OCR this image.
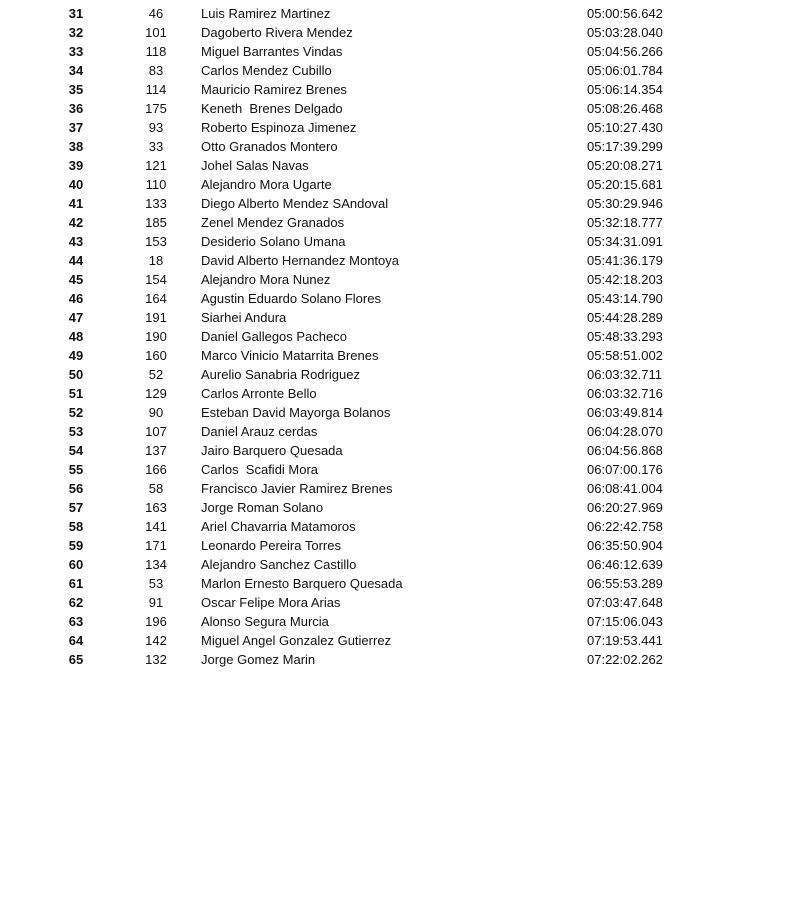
31	46	Luis Ramirez Martinez	05:00:56.642
32	101	Dagoberto Rivera Mendez	05:03:28.040
33	118	Miguel Barrantes Vindas	05:04:56.266
34	83	Carlos Mendez Cubillo	05:06:01.784
35	114	Mauricio Ramirez Brenes	05:06:14.354
36	175	Keneth  Brenes Delgado	05:08:26.468
37	93	Roberto Espinoza Jimenez	05:10:27.430
38	33	Otto Granados Montero	05:17:39.299
39	121	Johel Salas Navas	05:20:08.271
40	110	Alejandro Mora Ugarte	05:20:15.681
41	133	Diego Alberto Mendez SAndoval	05:30:29.946
42	185	Zenel Mendez Granados	05:32:18.777
43	153	Desiderio Solano Umana	05:34:31.091
44	18	David Alberto Hernandez Montoya	05:41:36.179
45	154	Alejandro Mora Nunez	05:42:18.203
46	164	Agustin Eduardo Solano Flores	05:43:14.790
47	191	Siarhei Andura	05:44:28.289
48	190	Daniel Gallegos Pacheco	05:48:33.293
49	160	Marco Vinicio Matarrita Brenes	05:58:51.002
50	52	Aurelio Sanabria Rodriguez	06:03:32.711
51	129	Carlos Arronte Bello	06:03:32.716
52	90	Esteban David Mayorga Bolanos	06:03:49.814
53	107	Daniel Arauz cerdas	06:04:28.070
54	137	Jairo Barquero Quesada	06:04:56.868
55	166	Carlos  Scafidi Mora	06:07:00.176
56	58	Francisco Javier Ramirez Brenes	06:08:41.004
57	163	Jorge Roman Solano	06:20:27.969
58	141	Ariel Chavarria Matamoros	06:22:42.758
59	171	Leonardo Pereira Torres	06:35:50.904
60	134	Alejandro Sanchez Castillo	06:46:12.639
61	53	Marlon Ernesto Barquero Quesada	06:55:53.289
62	91	Oscar Felipe Mora Arias	07:03:47.648
63	196	Alonso Segura Murcia	07:15:06.043
64	142	Miguel Angel Gonzalez Gutierrez	07:19:53.441
65	132	Jorge Gomez Marin	07:22:02.262
